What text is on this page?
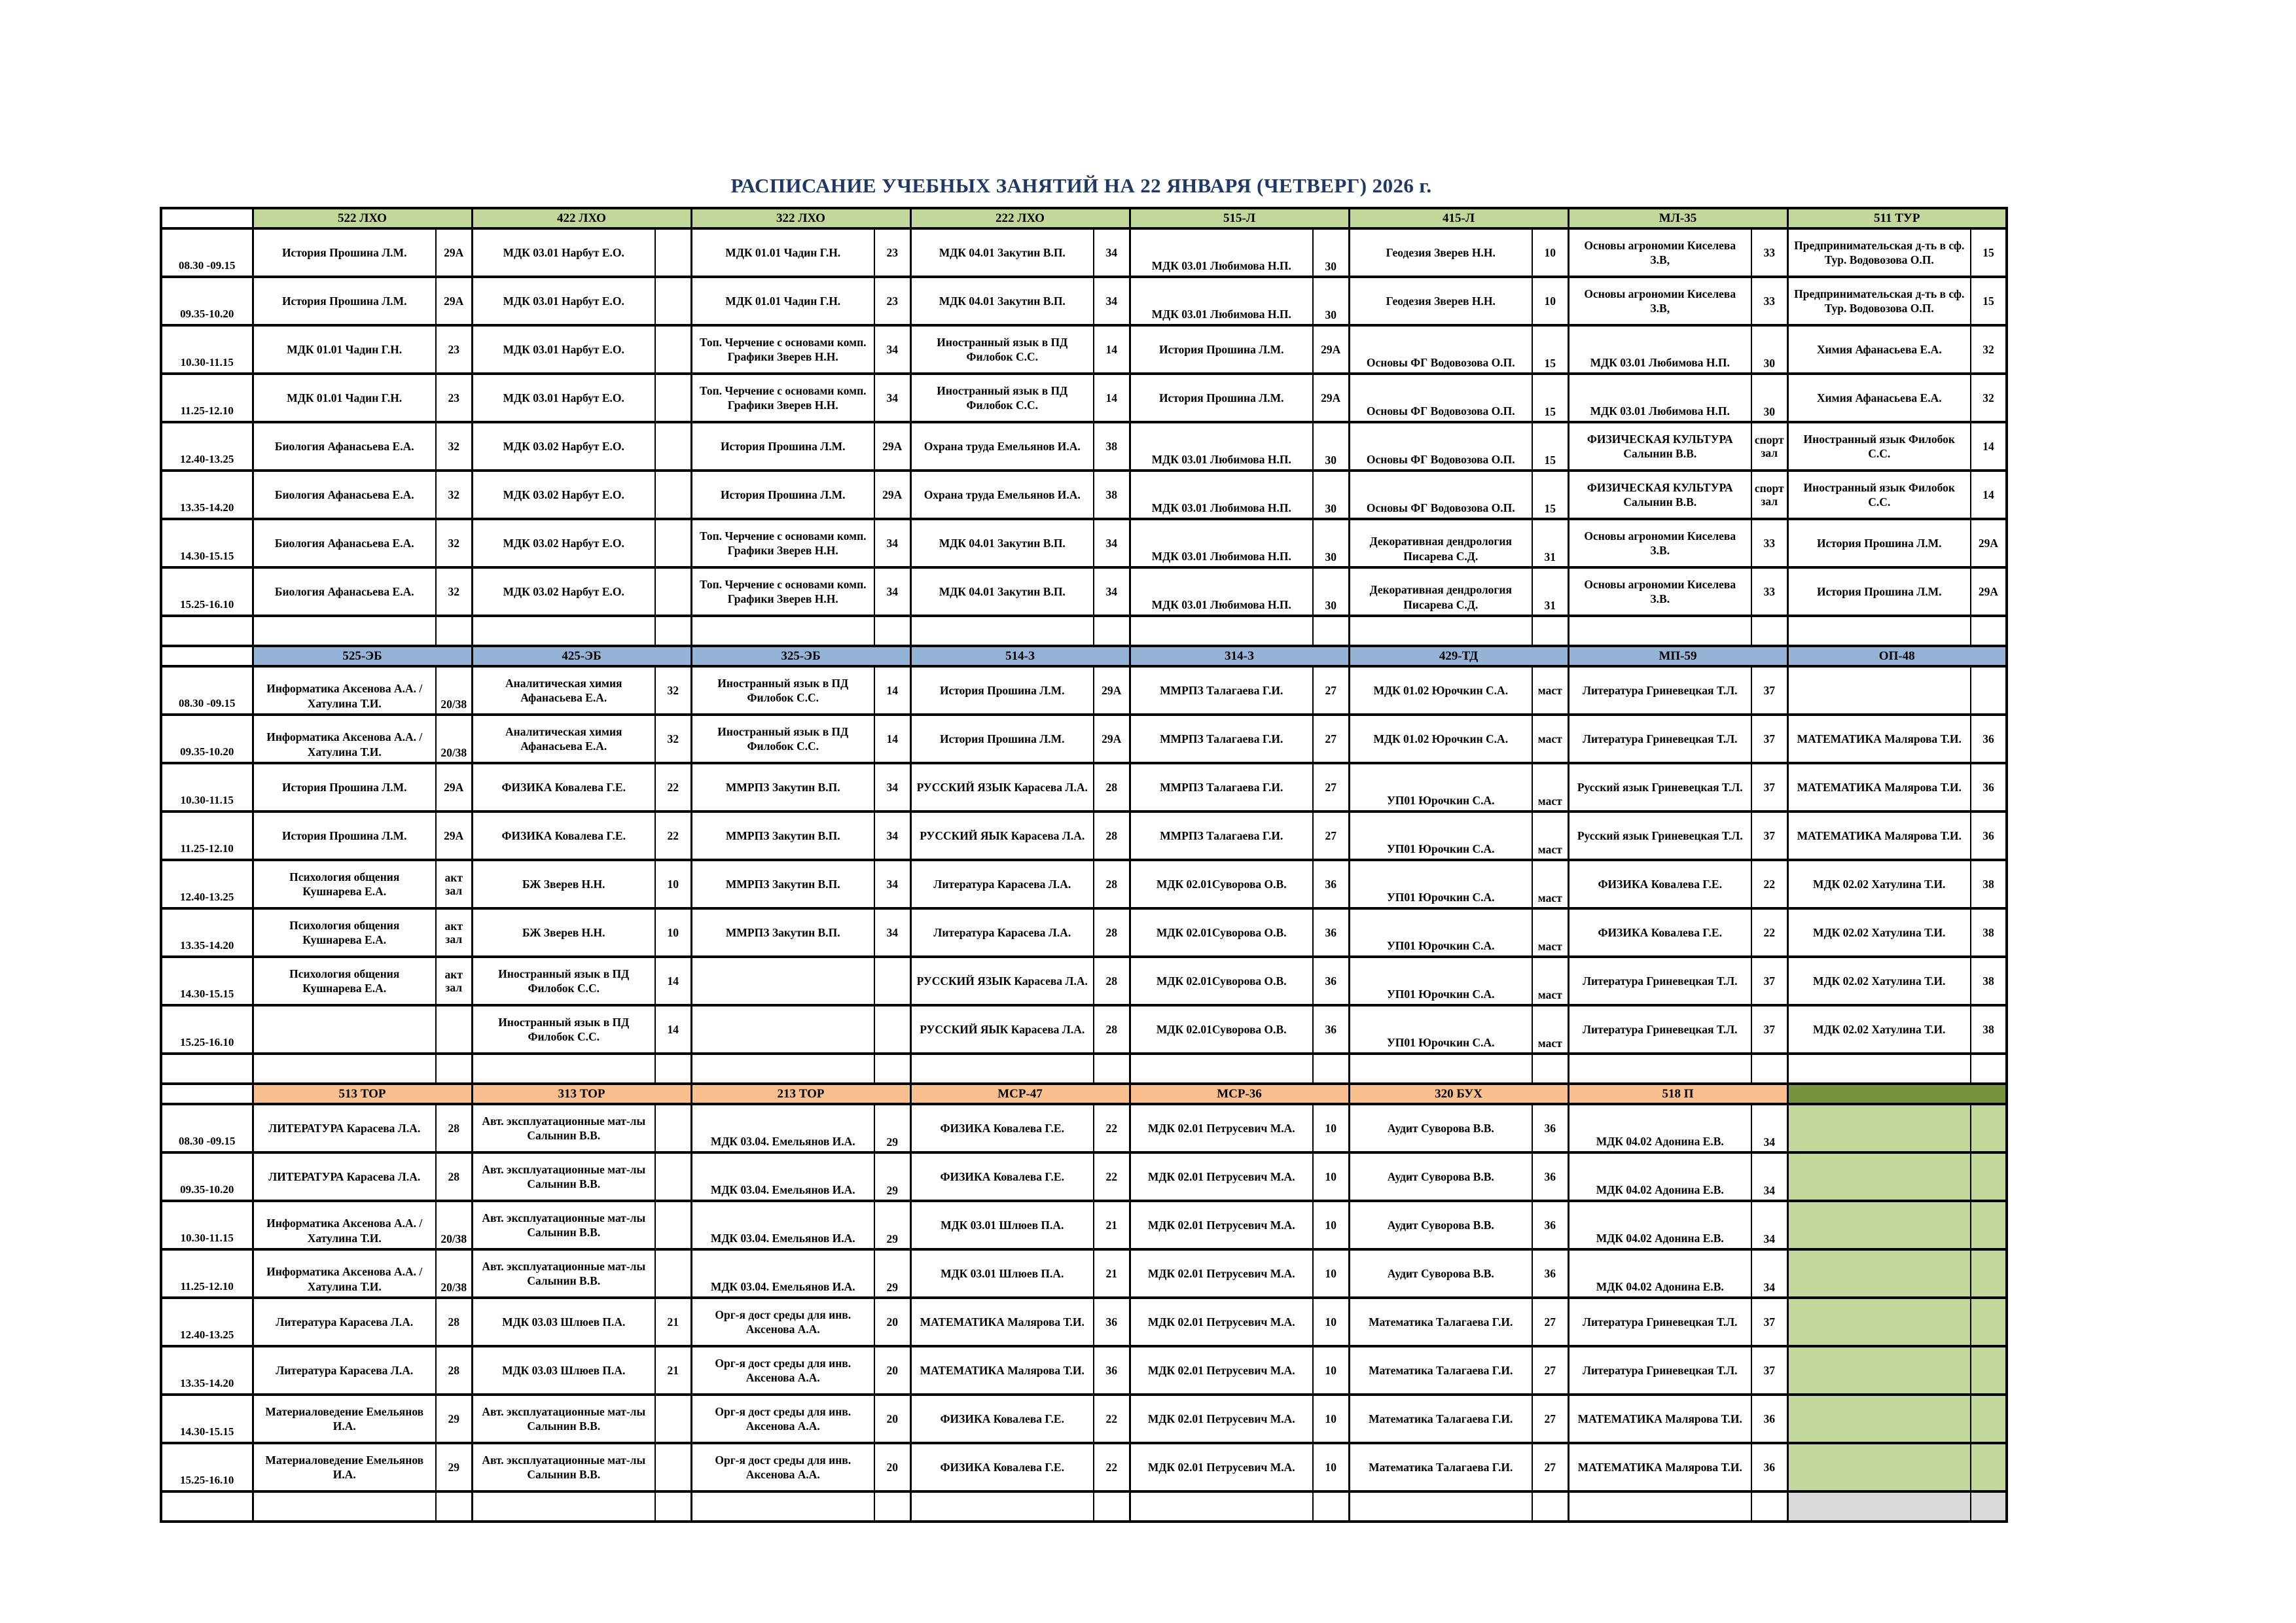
РАСПИСАНИЕ УЧЕБНЫХ ЗАНЯТИЙ НА 22 ЯНВАРЯ (ЧЕТВЕРГ) 2026 г.
	522 ЛХО		422 ЛХО		322 ЛХО		222 ЛХО		515-Л		415-Л		МЛ-35		511 ТУР	
08.30 -09.15	История Прошина Л.М.	29А	МДК 03.01 Нарбут Е.О.		МДК 01.01 Чадин Г.Н.	23	МДК 04.01 Закутин В.П.	34	МДК 03.01 Любимова Н.П.	30	Геодезия Зверев Н.Н.	10	Основы агрономии Киселева З.В,	33	Предпринимательская д-ть в сф. Тур. Водовозова О.П.	15
09.35-10.20	История Прошина Л.М.	29А	МДК 03.01 Нарбут Е.О.		МДК 01.01 Чадин Г.Н.	23	МДК 04.01 Закутин В.П.	34	МДК 03.01 Любимова Н.П.	30	Геодезия Зверев Н.Н.	10	Основы агрономии Киселева З.В,	33	Предпринимательская д-ть в сф. Тур. Водовозова О.П.	15
10.30-11.15	МДК 01.01 Чадин Г.Н.	23	МДК 03.01 Нарбут Е.О.		Топ. Черчение с основами комп. Графики Зверев Н.Н.	34	Иностранный язык в ПД Филобок С.С.	14	История Прошина Л.М.	29А	Основы ФГ Водовозова О.П.	15	МДК 03.01 Любимова Н.П.	30	Химия Афанасьева Е.А.	32
11.25-12.10	МДК 01.01 Чадин Г.Н.	23	МДК 03.01 Нарбут Е.О.		Топ. Черчение с основами комп. Графики Зверев Н.Н.	34	Иностранный язык в ПД Филобок С.С.	14	История Прошина Л.М.	29А	Основы ФГ Водовозова О.П.	15	МДК 03.01 Любимова Н.П.	30	Химия Афанасьева Е.А.	32
12.40-13.25	Биология Афанасьева Е.А.	32	МДК 03.02 Нарбут Е.О.		История Прошина Л.М.	29А	Охрана труда Емельянов И.А.	38	МДК 03.01 Любимова Н.П.	30	Основы ФГ Водовозова О.П.	15	ФИЗИЧЕСКАЯ КУЛЬТУРА Салынин В.В.	спортзал	Иностранный язык Филобок С.С.	14
13.35-14.20	Биология Афанасьева Е.А.	32	МДК 03.02 Нарбут Е.О.		История Прошина Л.М.	29А	Охрана труда Емельянов И.А.	38	МДК 03.01 Любимова Н.П.	30	Основы ФГ Водовозова О.П.	15	ФИЗИЧЕСКАЯ КУЛЬТУРА Салынин В.В.	спортзал	Иностранный язык Филобок С.С.	14
14.30-15.15	Биология Афанасьева Е.А.	32	МДК 03.02 Нарбут Е.О.		Топ. Черчение с основами комп. Графики Зверев Н.Н.	34	МДК 04.01 Закутин В.П.	34	МДК 03.01 Любимова Н.П.	30	Декоративная дендрология Писарева С.Д.	31	Основы агрономии Киселева З.В.	33	История Прошина Л.М.	29А
15.25-16.10	Биология Афанасьева Е.А.	32	МДК 03.02 Нарбут Е.О.		Топ. Черчение с основами комп. Графики Зверев Н.Н.	34	МДК 04.01 Закутин В.П.	34	МДК 03.01 Любимова Н.П.	30	Декоративная дендрология Писарева С.Д.	31	Основы агрономии Киселева З.В.	33	История Прошина Л.М.	29А

	525-ЭБ		425-ЭБ		325-ЭБ		514-З		314-З		429-ТД		МП-59		ОП-48	
08.30 -09.15	Информатика Аксенова А.А. /Хатулина Т.И.	20/38	Аналитическая химия Афанасьева Е.А.	32	Иностранный язык в ПД Филобок С.С.	14	История Прошина Л.М.	29А	ММРПЗ Талагаева Г.И.	27	МДК 01.02 Юрочкин С.А.	маст	Литература Гриневецкая Т.Л.	37		
09.35-10.20	Информатика Аксенова А.А. /Хатулина Т.И.	20/38	Аналитическая химия Афанасьева Е.А.	32	Иностранный язык в ПД Филобок С.С.	14	История Прошина Л.М.	29А	ММРПЗ Талагаева Г.И.	27	МДК 01.02 Юрочкин С.А.	маст	Литература Гриневецкая Т.Л.	37	МАТЕМАТИКА Малярова Т.И.	36
10.30-11.15	История Прошина Л.М.	29А	ФИЗИКА Ковалева Г.Е.	22	ММРПЗ Закутин В.П.	34	РУССКИЙ ЯЗЫК Карасева Л.А.	28	ММРПЗ Талагаева Г.И.	27	УП01 Юрочкин С.А.	маст	Русский язык Гриневецкая Т.Л.	37	МАТЕМАТИКА Малярова Т.И.	36
11.25-12.10	История Прошина Л.М.	29А	ФИЗИКА Ковалева Г.Е.	22	ММРПЗ Закутин В.П.	34	РУССКИЙ ЯЫК Карасева Л.А.	28	ММРПЗ Талагаева Г.И.	27	УП01 Юрочкин С.А.	маст	Русский язык Гриневецкая Т.Л.	37	МАТЕМАТИКА Малярова Т.И.	36
12.40-13.25	Психология общения Кушнарева Е.А.	акт зал	БЖ Зверев Н.Н.	10	ММРПЗ Закутин В.П.	34	Литература Карасева Л.А.	28	МДК 02.01Суворова О.В.	36	УП01 Юрочкин С.А.	маст	ФИЗИКА Ковалева Г.Е.	22	МДК 02.02 Хатулина Т.И.	38
13.35-14.20	Психология общения Кушнарева Е.А.	акт зал	БЖ Зверев Н.Н.	10	ММРПЗ Закутин В.П.	34	Литература Карасева Л.А.	28	МДК 02.01Суворова О.В.	36	УП01 Юрочкин С.А.	маст	ФИЗИКА Ковалева Г.Е.	22	МДК 02.02 Хатулина Т.И.	38
14.30-15.15	Психология общения Кушнарева Е.А.	акт зал	Иностранный язык в ПД Филобок С.С.	14			РУССКИЙ ЯЗЫК Карасева Л.А.	28	МДК 02.01Суворова О.В.	36	УП01 Юрочкин С.А.	маст	Литература Гриневецкая Т.Л.	37	МДК 02.02 Хатулина Т.И.	38
15.25-16.10			Иностранный язык в ПД Филобок С.С.	14			РУССКИЙ ЯЫК Карасева Л.А.	28	МДК 02.01Суворова О.В.	36	УП01 Юрочкин С.А.	маст	Литература Гриневецкая Т.Л.	37	МДК 02.02 Хатулина Т.И.	38

	513 ТОР		313 ТОР		213 ТОР		МСР-47		МСР-36		320 БУХ		518 П			
08.30 -09.15	ЛИТЕРАТУРА Карасева Л.А.	28	Авт. эксплуатационные мат-лы Салынин В.В.		МДК 03.04. Емельянов И.А.	29	ФИЗИКА Ковалева Г.Е.	22	МДК 02.01 Петрусевич М.А.	10	Аудит Суворова В.В.	36	МДК 04.02 Адонина Е.В.	34		
09.35-10.20	ЛИТЕРАТУРА Карасева Л.А.	28	Авт. эксплуатационные мат-лы Салынин В.В.		МДК 03.04. Емельянов И.А.	29	ФИЗИКА Ковалева Г.Е.	22	МДК 02.01 Петрусевич М.А.	10	Аудит Суворова В.В.	36	МДК 04.02 Адонина Е.В.	34		
10.30-11.15	Информатика Аксенова А.А. /Хатулина Т.И.	20/38	Авт. эксплуатационные мат-лы Салынин В.В.		МДК 03.04. Емельянов И.А.	29	МДК 03.01 Шлюев П.А.	21	МДК 02.01 Петрусевич М.А.	10	Аудит Суворова В.В.	36	МДК 04.02 Адонина Е.В.	34		
11.25-12.10	Информатика Аксенова А.А. /Хатулина Т.И.	20/38	Авт. эксплуатационные мат-лы Салынин В.В.		МДК 03.04. Емельянов И.А.	29	МДК 03.01 Шлюев П.А.	21	МДК 02.01 Петрусевич М.А.	10	Аудит Суворова В.В.	36	МДК 04.02 Адонина Е.В.	34		
12.40-13.25	Литература Карасева Л.А.	28	МДК 03.03 Шлюев П.А.	21	Орг-я дост среды для инв. Аксенова А.А.	20	МАТЕМАТИКА Малярова Т.И.	36	МДК 02.01 Петрусевич М.А.	10	Математика Талагаева Г.И.	27	Литература Гриневецкая Т.Л.	37		
13.35-14.20	Литература Карасева Л.А.	28	МДК 03.03 Шлюев П.А.	21	Орг-я дост среды для инв. Аксенова А.А.	20	МАТЕМАТИКА Малярова Т.И.	36	МДК 02.01 Петрусевич М.А.	10	Математика Талагаева Г.И.	27	Литература Гриневецкая Т.Л.	37		
14.30-15.15	Материаловедение Емельянов И.А.	29	Авт. эксплуатационные мат-лы Салынин В.В.		Орг-я дост среды для инв. Аксенова А.А.	20	ФИЗИКА Ковалева Г.Е.	22	МДК 02.01 Петрусевич М.А.	10	Математика Талагаева Г.И.	27	МАТЕМАТИКА Малярова Т.И.	36		
15.25-16.10	Материаловедение Емельянов И.А.	29	Авт. эксплуатационные мат-лы Салынин В.В.		Орг-я дост среды для инв. Аксенова А.А.	20	ФИЗИКА Ковалева Г.Е.	22	МДК 02.01 Петрусевич М.А.	10	Математика Талагаева Г.И.	27	МАТЕМАТИКА Малярова Т.И.	36		
